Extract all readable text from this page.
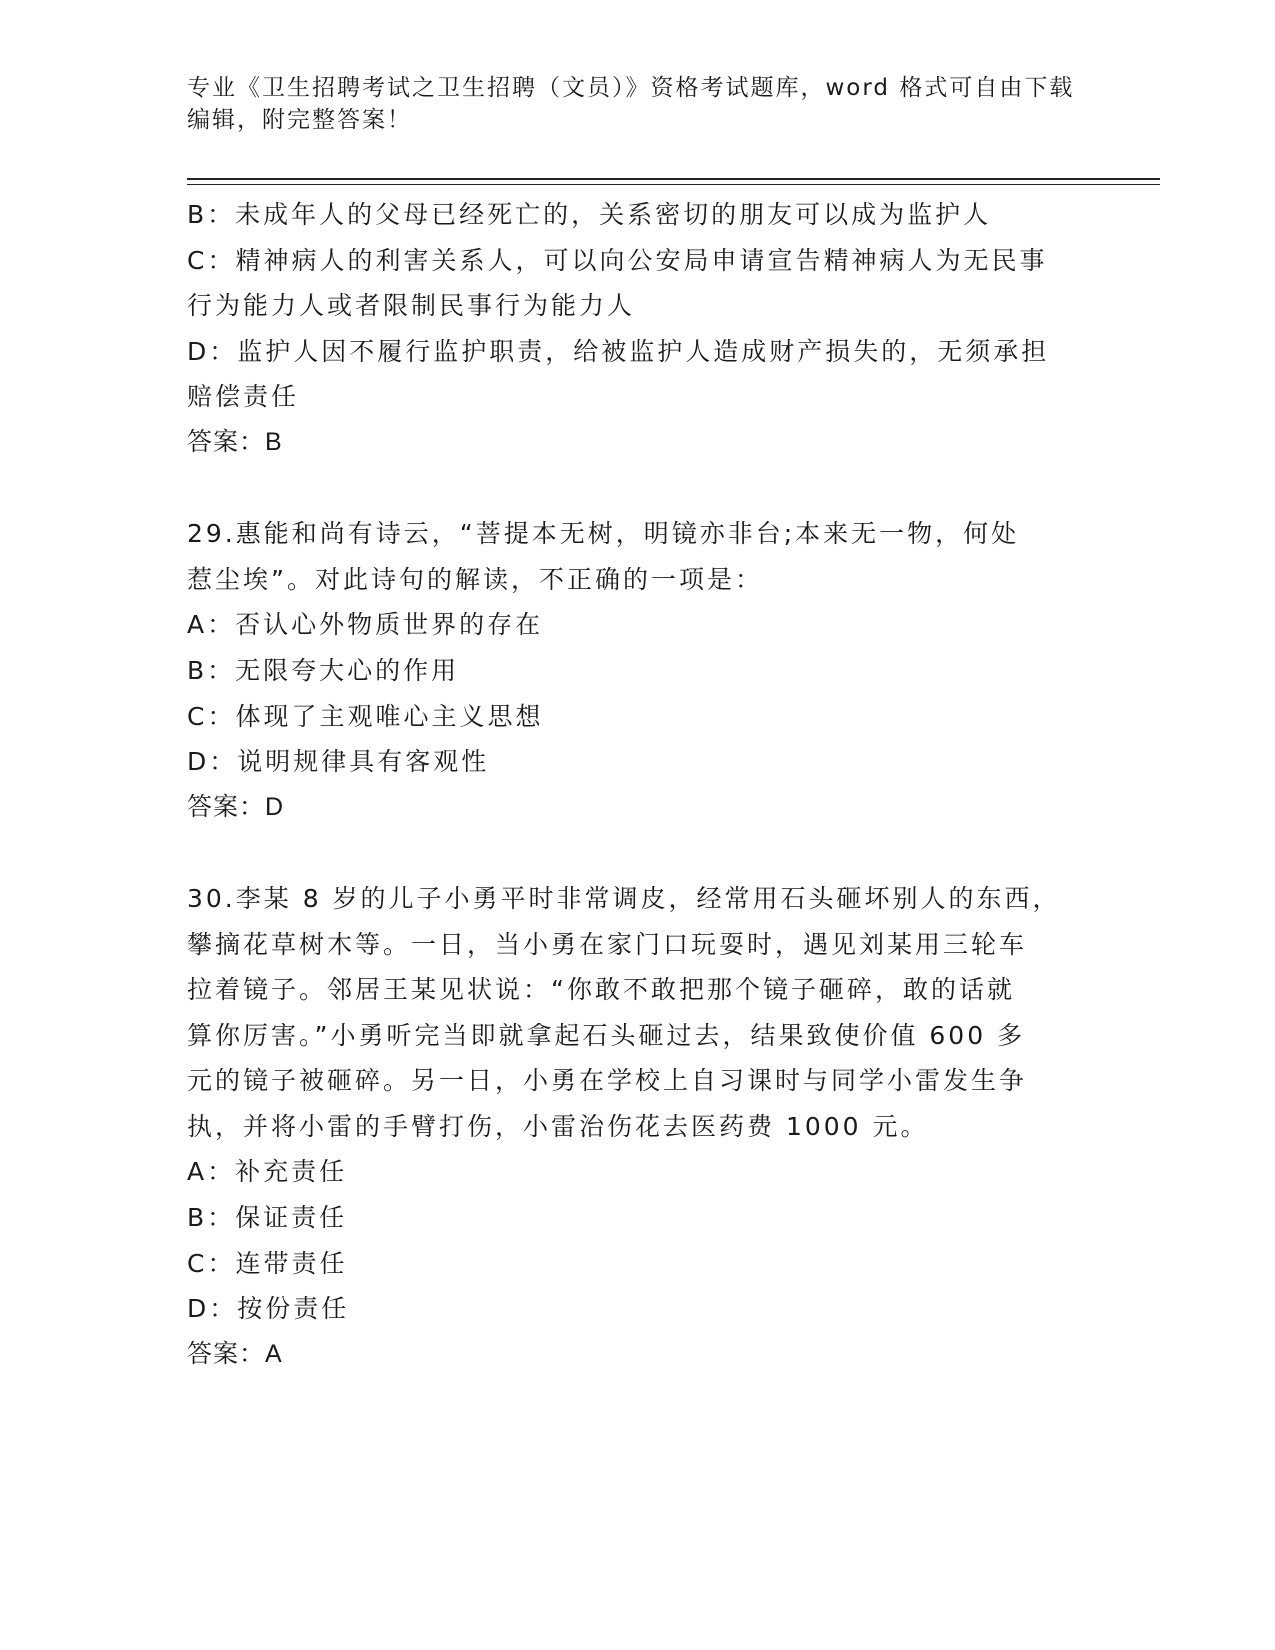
专业《卫生招聘考试之卫生招聘（文员）》资格考试题库，word 格式可自由下载
编辑，附完整答案！
B：未成年人的父母已经死亡的，关系密切的朋友可以成为监护人
C：精神病人的利害关系人，可以向公安局申请宣告精神病人为无民事
行为能力人或者限制民事行为能力人
D：监护人因不履行监护职责，给被监护人造成财产损失的，无须承担
赔偿责任
答案：B
29.惠能和尚有诗云，“菩提本无树，明镜亦非台;本来无一物，何处
惹尘埃”。对此诗句的解读，不正确的一项是：
A：否认心外物质世界的存在
B：无限夸大心的作用
C：体现了主观唯心主义思想
D：说明规律具有客观性
答案：D
30.李某 8 岁的儿子小勇平时非常调皮，经常用石头砸坏别人的东西，
攀摘花草树木等。一日，当小勇在家门口玩耍时，遇见刘某用三轮车
拉着镜子。邻居王某见状说：“你敢不敢把那个镜子砸碎，敢的话就
算你厉害。”小勇听完当即就拿起石头砸过去，结果致使价值 600 多
元的镜子被砸碎。另一日，小勇在学校上自习课时与同学小雷发生争
执，并将小雷的手臂打伤，小雷治伤花去医药费 1000 元。
A：补充责任
B：保证责任
C：连带责任
D：按份责任
答案：A
